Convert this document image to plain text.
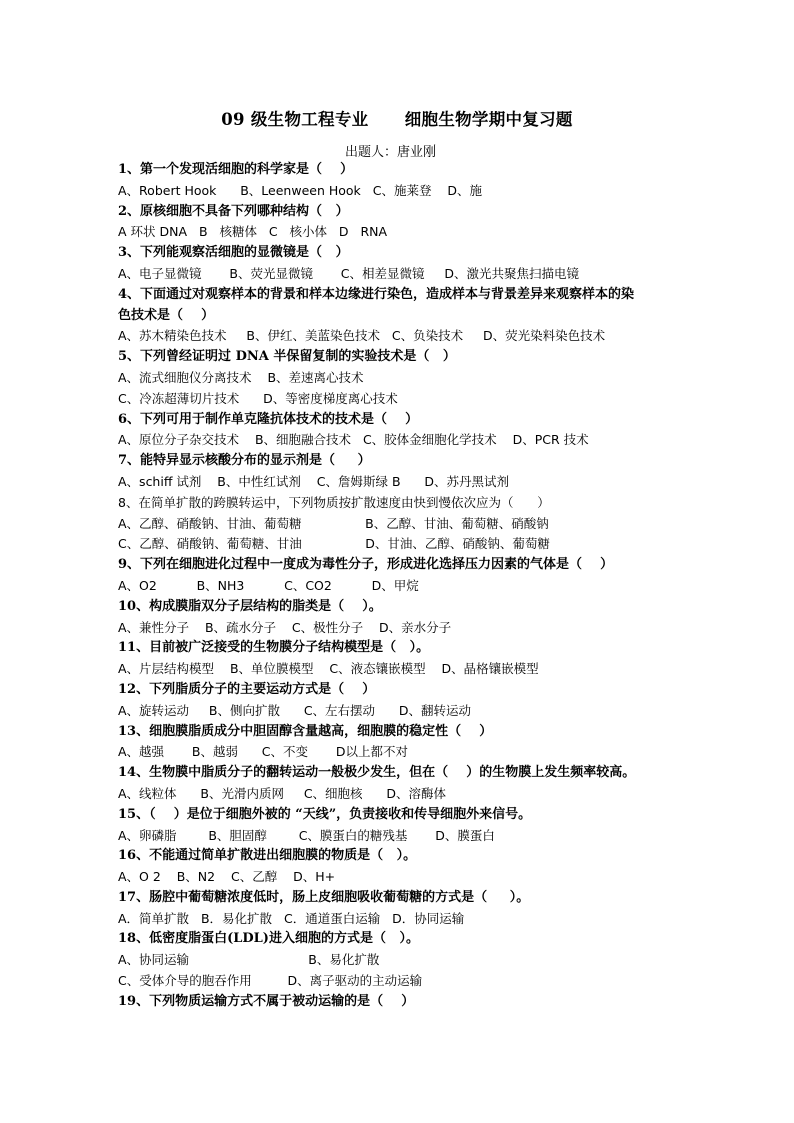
09 级生物工程专业      细胞生物学期中复习题
出题人：唐业刚
1、第一个发现活细胞的科学家是（    ）
A、Robert Hook      B、Leenween Hook   C、施莱登    D、施
2、原核细胞不具备下列哪种结构（   ）
A 环状 DNA   B   核糖体   C   核小体   D   RNA
3、下列能观察活细胞的显微镜是（   ）
A、电子显微镜       B、荧光显微镜       C、相差显微镜     D、激光共聚焦扫描电镜
4、下面通过对观察样本的背景和样本边缘进行染色，造成样本与背景差异来观察样本的染
色技术是（    ）
A、苏木精染色技术     B、伊红、美蓝染色技术   C、负染技术     D、荧光染料染色技术
5、下列曾经证明过 DNA 半保留复制的实验技术是（   ）
A、流式细胞仪分离技术    B、差速离心技术
C、冷冻超薄切片技术      D、等密度梯度离心技术
6、下列可用于制作单克隆抗体技术的技术是（    ）
A、原位分子杂交技术    B、细胞融合技术   C、胶体金细胞化学技术    D、PCR 技术
7、能特异显示核酸分布的显示剂是（     ）
A、schiff 试剂    B、中性红试剂    C、詹姆斯绿 B      D、苏丹黑试剂
8、在简单扩散的跨膜转运中，下列物质按扩散速度由快到慢依次应为（      ）
A、乙醇、硝酸钠、甘油、葡萄糖                B、乙醇、甘油、葡萄糖、硝酸钠
C、乙醇、硝酸钠、葡萄糖、甘油                D、甘油、乙醇、硝酸钠、葡萄糖
9、下列在细胞进化过程中一度成为毒性分子，形成进化选择压力因素的气体是（    ）
A、O2          B、NH3          C、CO2          D、甲烷
10、构成膜脂双分子层结构的脂类是（    ）。
A、兼性分子    B、疏水分子    C、极性分子    D、亲水分子
11、目前被广泛接受的生物膜分子结构模型是（   ）。
A、片层结构模型    B、单位膜模型    C、液态镶嵌模型    D、晶格镶嵌模型
12、下列脂质分子的主要运动方式是（    ）
A、旋转运动     B、侧向扩散      C、左右摆动      D、翻转运动
13、细胞膜脂质成分中胆固醇含量越高，细胞膜的稳定性（    ）
A、越强       B、越弱      C、不变       D以上都不对
14、生物膜中脂质分子的翻转运动一般极少发生，但在（    ）的生物膜上发生频率较高。
A、线粒体      B、光滑内质网     C、细胞核      D、溶酶体
15、（    ）是位于细胞外被的 “天线”，负责接收和传导细胞外来信号。
A、卵磷脂        B、胆固醇        C、膜蛋白的糖残基       D、膜蛋白
16、不能通过简单扩散进出细胞膜的物质是（   ）。
A、O 2    B、N2    C、乙醇    D、H+
17、肠腔中葡萄糖浓度低时，肠上皮细胞吸收葡萄糖的方式是（     ）。
A．简单扩散   B．易化扩散   C．通道蛋白运输   D．协同运输
18、低密度脂蛋白(LDL)进入细胞的方式是（   ）。
A、协同运输                              B、易化扩散
C、受体介导的胞吞作用         D、离子驱动的主动运输
19、下列物质运输方式不属于被动运输的是（    ）
